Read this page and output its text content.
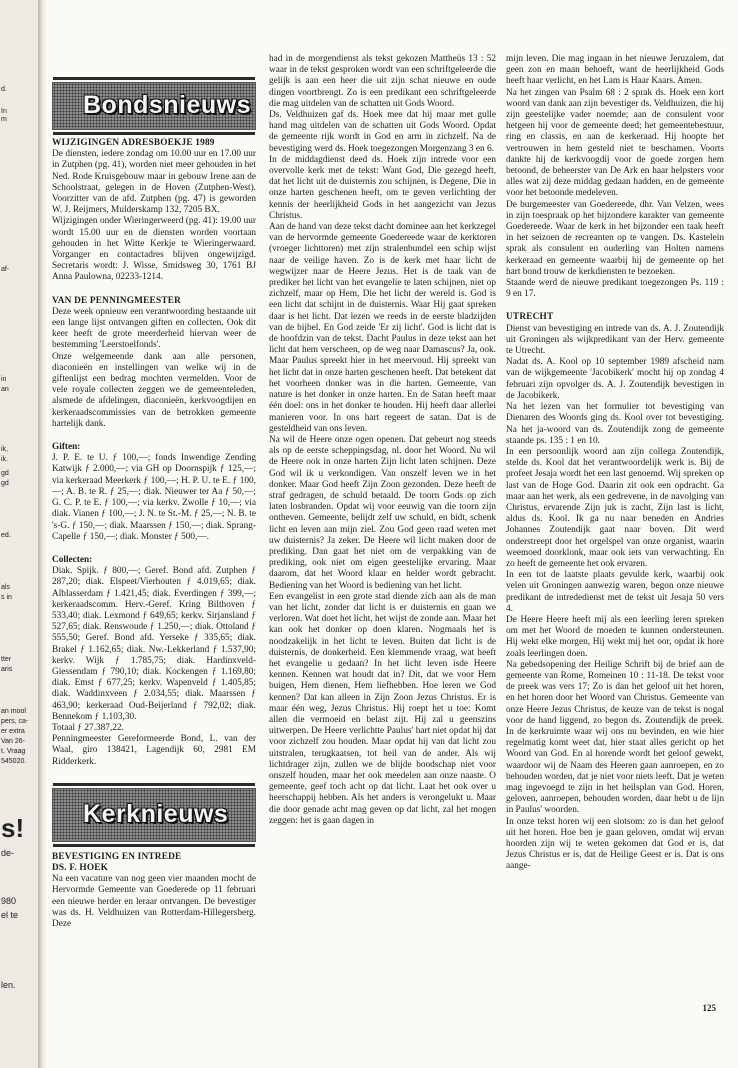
d.
In
m
af-
in
an
ik,
ik.
gd
gd
ed.
als
s in
tter
aris
an mool
pers, ca-
er extra
Van 26-
t. Vraag
545020.
s!
de-
980
el te
len.
Bondsnieuws
WIJZIGINGEN ADRESBOEKJE 1989

De diensten, iedere zondag om 10.00 uur en 17.00 uur in Zutphen (pg. 41), worden niet meer gehouden in het Ned. Rode Kruisgebouw maar in gebouw Irene aan de Schoolstraat, gelegen in de Hoven (Zutphen-West). Voorzitter van de afd. Zutphen (pg. 47) is geworden W. J. Reijmers, Mulderskamp 132, 7205 BX.

Wijzigingen onder Wieringerweerd (pg. 41): 19.00 uur wordt 15.00 uur en de diensten worden voortaan gehouden in het Witte Kerkje te Wieringerwaard. Vorganger en contactadres blijven ongewijzigd. Secretaris wordt: J. Wisse, Smidsweg 30, 1761 BJ Anna Paulowna, 02233-1214.

VAN DE PENNINGMEESTER

Deze week opnieuw een verantwoording bestaande uit een lange lijst ontvangen giften en collecten. Ook dit keer heeft de grote meerderheid hiervan weer de bestemming 'Leerstoelfonds'.

Onze welgemeende dank aan alle personen, diaconieën en instellingen van welke wij in de giftenlijst een bedrag mochten vermelden. Voor de vele royale collecten zeggen we de gemeenteleden, alsmede de afdelingen, diaconieën, kerkvoogdijen en kerkeraadscommissies van de betrokken gemeente hartelijk dank.

Giften:

J. P. E. te U. ƒ 100,—; fonds Inwendige Zending Katwijk ƒ 2.000,—; via GH op Doornspijk ƒ 125,—; via kerkeraad Meerkerk ƒ 100,—; H. P. U. te E. ƒ 100,—; A. B. te R. ƒ 25,—; diak. Nieuwer ter Aa ƒ 50,—; G. C. P. te E. ƒ 100,—; via kerkv. Zwolle ƒ 10,—; via diak. Vianen ƒ 100,—; J. N. te St.-M. ƒ 25,—; N. B. te 's-G. ƒ 150,—; diak. Maarssen ƒ 150,—; diak. Sprang-Capelle ƒ 150,—; diak. Monster ƒ 500,—.

Collecten:

Diak. Spijk. ƒ 800,—; Geref. Bond afd. Zutphen ƒ 287,20; diak. Elspeet/Vierhouten ƒ 4.019,65; diak. Alblasserdam ƒ 1.421,45; diak. Everdingen ƒ 399,—; kerkeraadscomm. Herv.-Geref. Kring Bilthoven ƒ 533,40; diak. Lexmond ƒ 649,65; kerkv. Sirjansland ƒ 527,65; diak. Renswoude ƒ 1.250,—; diak. Ottoland ƒ 555,50; Geref. Bond afd. Yerseke ƒ 335,65; diak. Brakel ƒ 1.162,65; diak. Nw.-Lekkerland ƒ 1.537,90; kerkv. Wijk ƒ 1.785,75; diak. Hardinxveld-Giessendam ƒ 790,10; diak. Kockengen ƒ 1.169,80; diak. Emst ƒ 677,25; kerkv. Wapenveld ƒ 1.405,85; diak. Waddinxveen ƒ 2.034,55; diak. Maarssen ƒ 463,90; kerkeraad Oud-Beijerland ƒ 792,02; diak. Bennekom ƒ 1.103,30.

Totaal ƒ 27.387,22.

Penningmeester Gereformeerde Bond, L. van der Waal, giro 138421, Lagendijk 60, 2981 EM Ridderkerk.

Kerknieuws
BEVESTIGING EN INTREDE
DS. F. HOEK

Na een vacature van nog geen vier maanden mocht de Hervormde Gemeente van Goederede op 11 februari een nieuwe herder en leraar ontvangen. De bevestiger was ds. H. Veldhuizen van Rotterdam-Hillegersberg. Deze

had in de morgendienst als tekst gekozen Mattheüs 13 : 52 waar in de tekst gesproken wordt van een schriftgeleerde die gelijk is aan een heer die uit zijn schat nieuwe en oude dingen voortbrengt. Zo is een predikant een schriftgeleerde die mag uitdelen van de schatten uit Gods Woord.

Ds. Veldhuizen gaf ds. Hoek mee dat hij maar met gulle hand mag uitdelen van de schatten uit Gods Woord. Opdat de gemeente rijk wordt in God en arm in zichzelf. Na de bevestiging werd ds. Hoek toegezongen Morgenzang 3 en 6.

In de middagdienst deed ds. Hoek zijn intrede voor een overvolle kerk met de tekst: Want God, Die gezegd heeft, dat het licht uit de duisternis zou schijnen, is Degene, Die in onze harten geschenen heeft, om te geven verlichting der kennis der heerlijkheid Gods in het aangezicht van Jezus Christus.

Aan de hand van deze tekst dacht dominee aan het kerkzegel van de hervormde gemeente Goedereede waar de kerktoren (vroeger lichttoren) met zijn stralenbundel een schip wijst naar de veilige haven. Zo is de kerk met haar licht de wegwijzer naar de Heere Jezus. Het is de taak van de prediker het licht van het evangelie te laten schijnen, niet op zichzelf, maar op Hem, Die het licht der wereld is. God is een licht dat schijnt in de duisternis. Waar Hij gaat spreken daar is het licht. Dat lezen we reeds in de eerste bladzijden van de bijbel. En God zeide 'Er zij licht'. God is licht dat is de hoofdzin van de tekst. Dacht Paulus in deze tekst aan het licht dat hem verscheen, op de weg naar Damascus? Ja, ook. Maar Paulus spreekt hier in het meervoud. Hij spreekt van het licht dat in onze harten geschenen heeft. Dat betekent dat het voorheen donker was in die harten. Gemeente, van nature is het donker in onze harten. En de Satan heeft maar één doel: ons in het donker te houden. Hij heeft daar allerlei manieren voor. In ons hart regeert de satan. Dat is de gesteldheid van ons leven.

Na wil de Heere onze ogen openen. Dat gebeurt nog steeds als op de eerste scheppingsdag, nl. door het Woord. Nu wil de Heere ook in onze harten Zijn licht laten schijnen. Deze God wil ik u verkondigen. Van onszelf leven we in het donker. Maar God heeft Zijn Zoon gezonden. Deze heeft de straf gedragen, de schuld betaald. De toorn Gods op zich laten losbranden. Opdat wij voor eeuwig van die toorn zijn ontheven. Gemeente, belijdt zelf uw schuld, en bidt, schenk licht en leven aan mijn ziel. Zou God geen raad weten met uw duisternis? Ja zeker. De Heere wil licht maken door de prediking. Dan gaat het niet om de verpakking van de prediking, ook niet om eigen geestelijke ervaring. Maar daarom, dat het Woord klaar en helder wordt gebracht. Bediening van het Woord is bediening van het licht.

Een evangelist in een grote stad diende zich aan als de man van het licht, zonder dat licht is er duisternis en gaan we verloren. Wat doet het licht, het wijst de zonde aan. Maar het kan ook het donker op doen klaren. Nogmaals het is noodzakelijk in het licht te leven. Buiten dat licht is de duisternis, de donkerheid. Een klemmende vraag, wat heeft het evangelie u gedaan? In het licht leven isde Heere kennen. Kennen wat houdt dat in? Dit, dat we voor Hem buigen, Hem dienen, Hem liefhebben. Hoe leren we God kennen? Dat kan alleen in Zijn Zoon Jezus Christus. Er is maar één weg, Jezus Christus. Hij roept het u toe: Komt allen die vermoeid en belast zijt. Hij zal u geenszins uitwerpen. De Heere verlichtte Paulus' hart niet opdat hij dat voor zichzelf zou houden. Maar opdat hij van dat licht zou uitstralen, terugkaatsen, tot heil van de ander. Als wij lichtdrager zijn, zullen we de blijde boodschap niet voor onszelf houden, maar het ook meedelen aan onze naaste. O gemeente, geef toch acht op dat licht. Laat het ook over u heerschappij hebben. Als het anders is verongelukt u. Maar die door genade acht mag geven op dat licht, zal het mogen zeggen: het is gaan dagen in

mijn leven. Die mag ingaan in het nieuwe Jeruzalem, dat geen zon en maan behoeft, want de heerlijkheid Gods heeft haar verlicht, en het Lam is Haar Kaars. Amen.

Na het zingen van Psalm 68 : 2 sprak ds. Hoek een kort woord van dank aan zijn bevestiger ds. Veldhuizen, die hij zijn geestelijke vader noemde; aan de consulent voor hetgeen hij voor de gemeente deed; het gemeentebestuur, ring en classis, en aan de kerkeraad. Hij hoopte het vertrouwen in hem gesteld niet te beschamen. Voorts dankte hij de kerkvoogdij voor de goede zorgen hem betoond, de beheerster van De Ark en haar helpsters voor alles wat zij deze middag gedaan hadden, en de gemeente voor het betoonde medeleven.

De burgemeester van Goedereede, dhr. Van Velzen, wees in zijn toespraak op het bijzondere karakter van gemeente Goedereede. Waar de kerk in het bijzonder een taak heeft in het seizoen de recreanten op te vangen. Ds. Kastelein sprak als consulent en ouderling van Holten namens kerkeraad en gemeente waarbij hij de gemeente op het hart bond trouw de kerkdiensten te bezoeken.

Staande werd de nieuwe predikant toegezongen Ps. 119 : 9 en 17.

UTRECHT

Dienst van bevestiging en intrede van ds. A. J. Zoutendijk uit Groningen als wijkpredikant van der Herv. gemeente te Utrecht.

Nadat ds. A. Kool op 10 september 1989 afscheid nam van de wijkgemeente 'Jacobikerk' mocht hij op zondag 4 februari zijn opvolger ds. A. J. Zoutendijk bevestigen in de Jacobikerk.

Na het lezen van het formulier tot bevestiging van Dienaren des Woords ging ds. Kool over tot bevestiging. Na het ja-woord van ds. Zoutendijk zong de gemeente staande ps. 135 : 1 en 10.

In een persoonlijk woord aan zijn collega Zoutendijk, stelde ds. Kool dat het verantwoordelijk werk is. Bij de profeet Jesaja wordt het een last genoemd. Wij spreken op last van de Hoge God. Daarin zit ook een opdracht. Ga maar aan het werk, als een gedrevene, in de navolging van Christus, ervarende Zijn juk is zacht, Zijn last is licht, aldus ds. Kool. Ik ga nu naar beneden en Andries Johannes Zoutendijk gaat naar boven. Dit werd onderstreept door het orgelspel van onze organist, waarin weemoed doorklonk, maar ook iets van verwachting. En zo heeft de gemeente het ook ervaren.

In een tot de laatste plaats gevulde kerk, waarbij ook velen uit Groningen aanwezig waren, begon onze nieuwe predikant de intrededienst met de tekst uit Jesaja 50 vers 4.

De Heere Heere heeft mij als een leerling leren spreken om met het Woord de moeden te kunnen ondersteunen. Hij wekt elke morgen, Hij wekt mij het oor, opdat ik hore zoals leerlingen doen.

Na gebedsopening der Heilige Schrift bij de brief aan de gemeente van Rome, Romeinen 10 : 11-18. De tekst voor de preek was vers 17; Zo is dan het geloof uit het horen, en het horen door het Woord van Christus. Gemeente van onze Heere Jezus Christus, de keuze van de tekst is nogal voor de hand liggend, zo begon ds. Zoutendijk de preek. In de kerkruimte waar wij ons nu bevinden, en wie hier regelmatig komt weet dat, hier staat alles gericht op het Woord van God. En al horende wordt het geloof gewekt, waardoor wij de Naam des Heeren gaan aanroepen, en zo behouden worden, dat je niet voor niets leeft. Dat je weten mag ingevoegd te zijn in het heilsplan van God. Horen, geloven, aanroepen, behouden worden, daar hebt u de lijn in Paulus' woorden.

In onze tekst horen wij een slotsom: zo is dan het geloof uit het horen. Hoe ben je gaan geloven, omdat wij ervan hoorden zijn wij te weten gekomen dat God er is, dat Jezus Christus er is, dat de Heilige Geest er is. Dat is ons aange-

125
